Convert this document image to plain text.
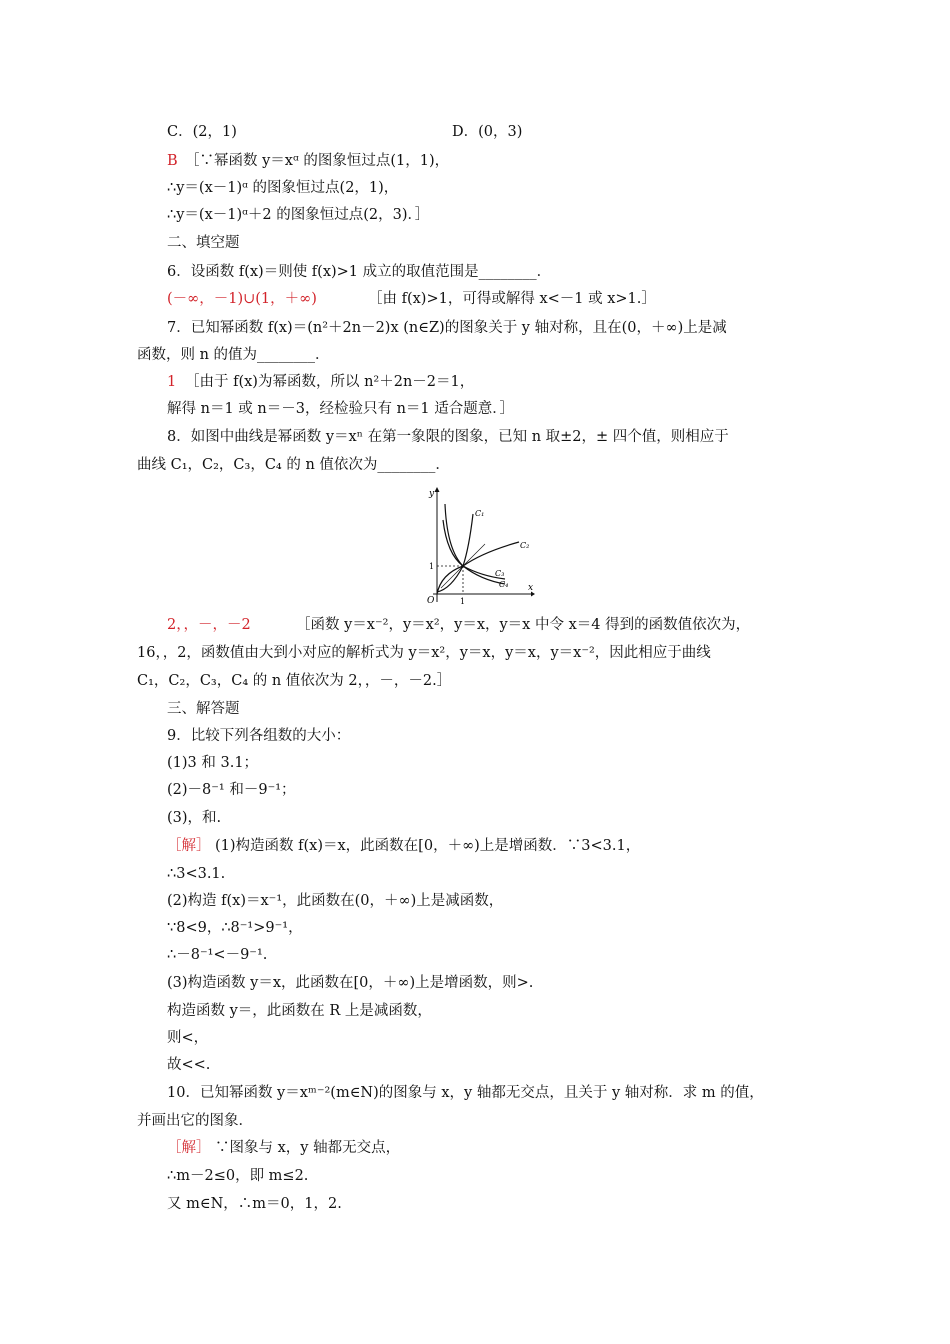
C．(2，1)	D．(0，3)
B ［∵幂函数 y＝xᵅ 的图象恒过点(1，1)，
∴y＝(x－1)ᵅ 的图象恒过点(2，1)，
∴y＝(x－1)ᵅ＋2 的图象恒过点(2，3)．］
二、填空题
6．设函数 f(x)＝则使 f(x)>1 成立的取值范围是________．
(－∞，－1)∪(1，＋∞)	［由 f(x)>1，可得或解得 x<－1 或 x>1.］
7．已知幂函数 f(x)＝(n²＋2n－2)x (n∈Z)的图象关于 y 轴对称，且在(0，＋∞)上是减
函数，则 n 的值为________．
1 ［由于 f(x)为幂函数，所以 n²＋2n－2＝1，
解得 n＝1 或 n＝－3，经检验只有 n＝1 适合题意．］
8．如图中曲线是幂函数 y＝xⁿ 在第一象限的图象，已知 n 取±2，± 四个值，则相应于
曲线 C₁，C₂，C₃，C₄ 的 n 值依次为________．
y
x
O	1
1
C₁
C₂
C₃
C₄
2，，－，－2	［函数 y＝x⁻²，y＝x²，y＝x，y＝x 中令 x＝4 得到的函数值依次为，
16，，2，函数值由大到小对应的解析式为 y＝x²，y＝x，y＝x，y＝x⁻²，因此相应于曲线
C₁，C₂，C₃，C₄ 的 n 值依次为 2，，－，－2.］
三、解答题
9．比较下列各组数的大小：
(1)3 和 3.1；
(2)－8⁻¹ 和－9⁻¹；
(3)，和.
［解］ (1)构造函数 f(x)＝x，此函数在[0，＋∞)上是增函数．∵3<3.1，
∴3<3.1.
(2)构造 f(x)＝x⁻¹，此函数在(0，＋∞)上是减函数，
∵8<9，∴8⁻¹>9⁻¹，
∴－8⁻¹<－9⁻¹.
(3)构造函数 y＝x，此函数在[0，＋∞)上是增函数，则>.
构造函数 y＝，此函数在 R 上是减函数，
则<，
故<<.
10．已知幂函数 y＝xᵐ⁻²(m∈N)的图象与 x，y 轴都无交点，且关于 y 轴对称．求 m 的值，
并画出它的图象．
［解］ ∵图象与 x，y 轴都无交点，
∴m－2≤0，即 m≤2.
又 m∈N，∴m＝0，1，2.
